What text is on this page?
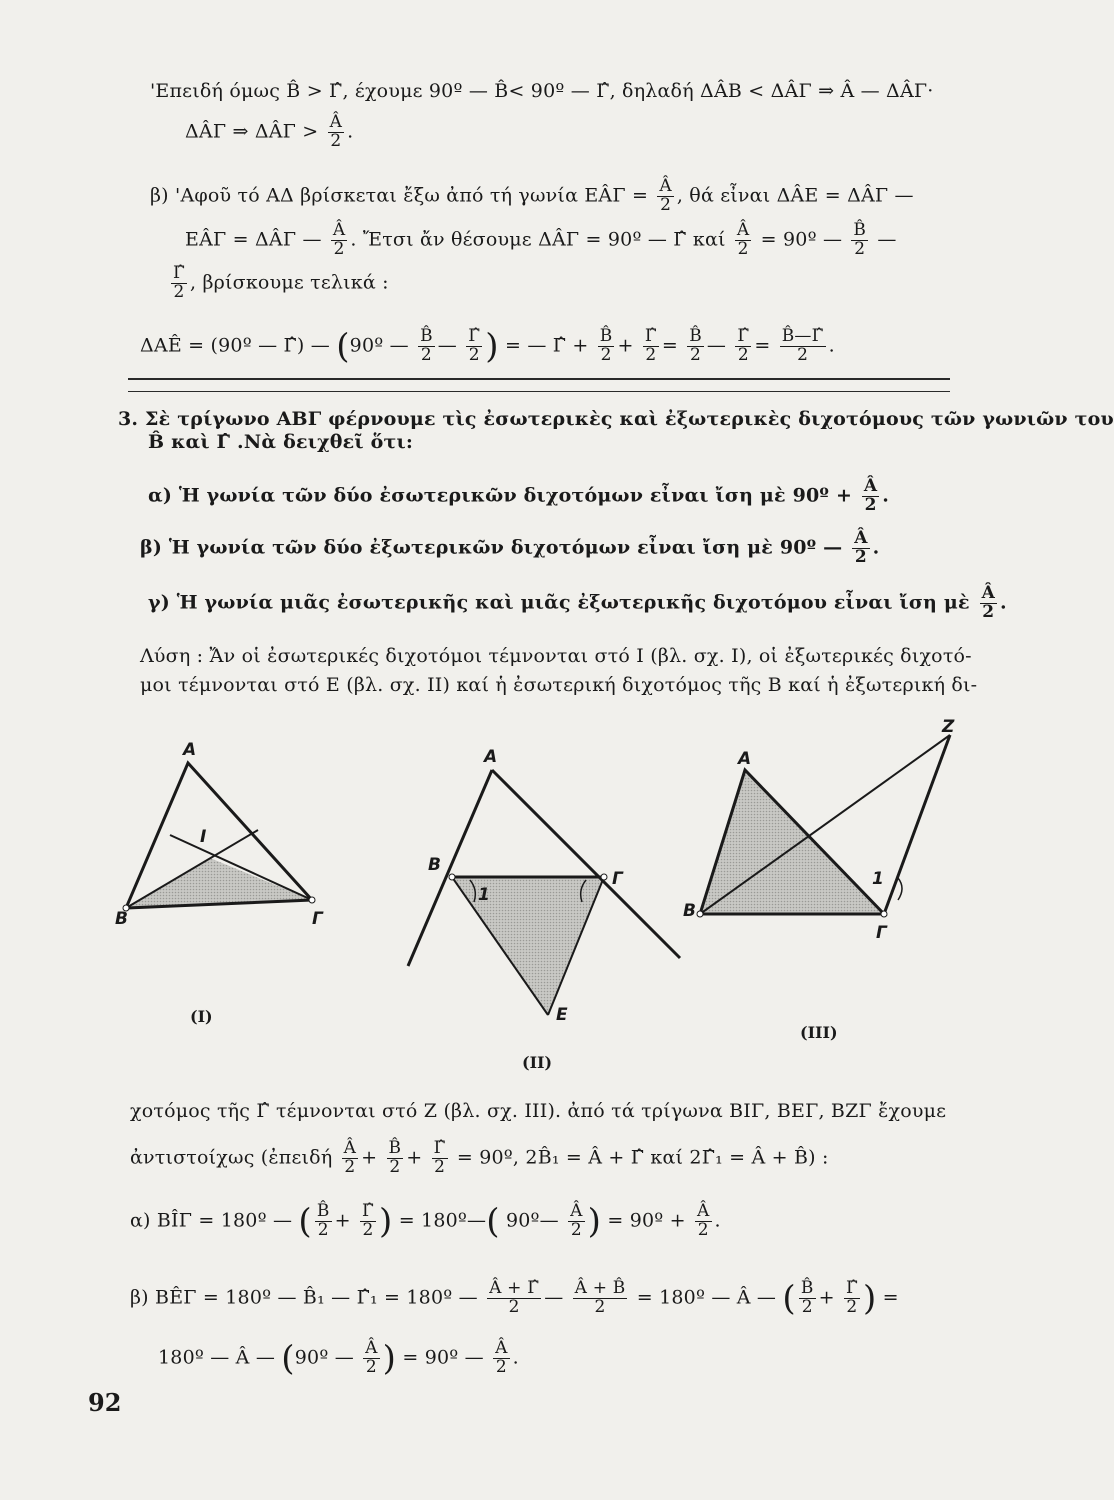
'Επειδή όμως B̂ > Γ̂, έχουμε 90º — B̂< 90º — Γ̂, δηλαδή ΔÂB < ΔÂΓ ⇒ Â — ΔÂΓ·
ΔÂΓ ⇒ ΔÂΓ > $\frac{Â}{2}$ .
β) 'Αφοῦ τό ΑΔ βρίσκεται ἔξω ἀπό τή γωνία ΕÂΓ = $\frac{Â}{2}$ , θά εἶναι ΔÂΕ = ΔÂΓ —
ΕÂΓ = ΔÂΓ — $\frac{Â}{2}$ . Ἔτσι ἄν θέσουμε ΔÂΓ = 90º — Γ̂ καί $\frac{Â}{2}$ = 90º — $\frac{B̂}{2}$ —
$\frac{\Gammâ}{2}$ , βρίσκουμε τελικά :
ΔΑÊ = (90º — Γ̂) — (90º — $\frac{B̂}{2}$ — $\frac{\Gammâ}{2}$ ) = — Γ̂ + $\frac{B̂}{2} + \frac{\Gammâ}{2} = \frac{B̂}{2}$ — $\frac{\Gammâ}{2} = \frac{B̂—\Gammâ}{2}$ .
3. Σὲ τρίγωνο ΑΒΓ φέρνουμε τὶς ἐσωτερικὲς καὶ ἐξωτερικὲς διχοτόμους τῶν γωνιῶν του
B̂ καὶ Γ̂ .Νὰ δειχθεῖ ὅτι:
α) Ἡ γωνία τῶν δύο ἐσωτερικῶν διχοτόμων εἶναι ἴση μὲ 90º + $\frac{Â}{2}$ .
β) Ἡ γωνία τῶν δύο ἐξωτερικῶν διχοτόμων εἶναι ἴση μὲ 90º — $\frac{Â}{2}$ .
γ) Ἡ γωνία μιᾶς ἐσωτερικῆς καὶ μιᾶς ἐξωτερικῆς διχοτόμου εἶναι ἴση μὲ $\frac{Â}{2}$ .
Λύση : Ἄν οἱ ἐσωτερικές διχοτόμοι τέμνονται στό Ι (βλ. σχ. Ι), οἱ ἐξωτερικές διχοτό-
μοι τέμνονται στό Ε (βλ. σχ. ΙΙ) καί ἡ ἐσωτερική διχοτόμος τῆς Β καί ἡ ἐξωτερική δι-
A
B	Γ
I
(I)
A
B
Γ
E
1
(II)
A
B
Γ
Z
1
(III)
χοτόμος τῆς Γ̂ τέμνονται στό Ζ (βλ. σχ. ΙΙΙ). ἀπό τά τρίγωνα ΒΙΓ, ΒΕΓ, ΒΖΓ ἔχουμε
ἀντιστοίχως (ἐπειδή $\frac{Â}{2} + \frac{B̂}{2} + \frac{\Gammâ}{2}$ = 90º, 2B̂₁ = Â + Γ̂ καί 2Γ̂₁ = Â + B̂) :
α) ΒÎΓ = 180º — ( $\frac{B̂}{2} + \frac{\Gammâ}{2}$ ) = 180º—( 90º— $\frac{Â}{2}$ ) = 90º + $\frac{Â}{2}$ .
β) ΒÊΓ = 180º — B̂₁ — Γ̂₁ = 180º — $\frac{Â + \Gammâ}{2}$ — $\frac{Â + B̂}{2}$ = 180º — Â — ( $\frac{B̂}{2} + \frac{\Gammâ}{2}$ ) =
180º — Â — (90º — $\frac{Â}{2}$ ) = 90º — $\frac{Â}{2}$ .
92
